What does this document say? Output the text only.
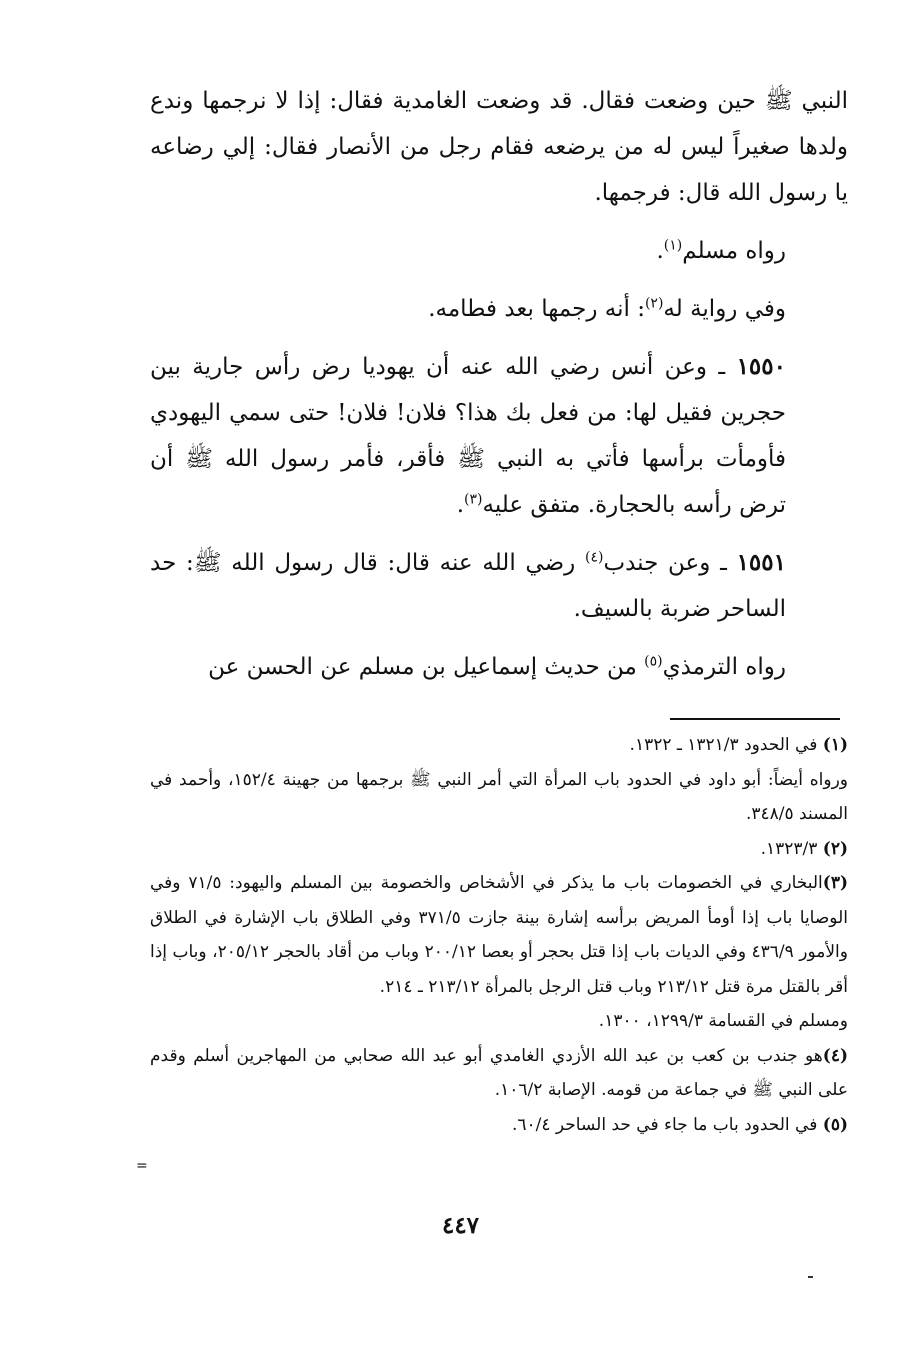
النبي ﷺ حين وضعت فقال. قد وضعت الغامدية فقال: إذا لا نرجمها وندع ولدها صغيراً ليس له من يرضعه فقام رجل من الأنصار فقال: إلي رضاعه يا رسول الله قال: فرجمها.

رواه مسلم$^{(١)}$.

وفي رواية له$^{(٢)}$: أنه رجمها بعد فطامه.

١٥٥٠ ـ وعن أنس رضي الله عنه أن يهوديا رض رأس جارية بين حجرين فقيل لها: من فعل بك هذا؟ فلان! فلان! حتى سمي اليهودي فأومأت برأسها فأتي به النبي ﷺ فأقر، فأمر رسول الله ﷺ أن ترض رأسه بالحجارة. متفق عليه$^{(٣)}$.

١٥٥١ ـ وعن جندب$^{(٤)}$ رضي الله عنه قال: قال رسول الله ﷺ: حد الساحر ضربة بالسيف.

رواه الترمذي$^{(٥)}$ من حديث إسماعيل بن مسلم عن الحسن عن

(١) في الحدود ١٣٢١/٣ ـ ١٣٢٢.

ورواه أيضاً: أبو داود في الحدود باب المرأة التي أمر النبي ﷺ برجمها من جهينة ١٥٢/٤، وأحمد في المسند ٣٤٨/٥.

(٢) ١٣٢٣/٣.

(٣)البخاري في الخصومات باب ما يذكر في الأشخاص والخصومة بين المسلم واليهود: ٧١/٥ وفي الوصايا باب إذا أومأ المريض برأسه إشارة بينة جازت ٣٧١/٥ وفي الطلاق باب الإشارة في الطلاق والأمور ٤٣٦/٩ وفي الديات باب إذا قتل بحجر أو بعصا ٢٠٠/١٢ وباب من أقاد بالحجر ٢٠٥/١٢، وباب إذا أقر بالقتل مرة قتل ٢١٣/١٢ وباب قتل الرجل بالمرأة ٢١٣/١٢ ـ ٢١٤.

ومسلم في القسامة ١٢٩٩/٣، ١٣٠٠.

(٤)هو جندب بن كعب بن عبد الله الأزدي الغامدي أبو عبد الله صحابي من المهاجرين أسلم وقدم على النبي ﷺ في جماعة من قومه. الإصابة ١٠٦/٢.

(٥) في الحدود باب ما جاء في حد الساحر ٦٠/٤.

=
٤٤٧
